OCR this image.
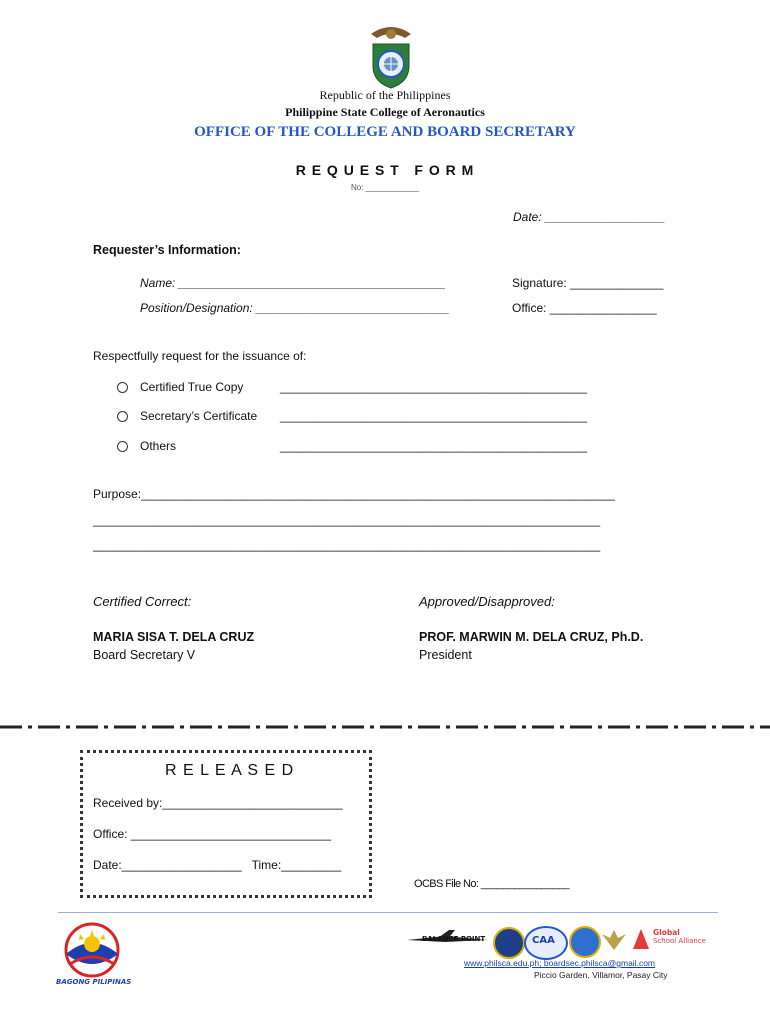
Republic of the Philippines
Philippine State College of Aeronautics
OFFICE OF THE COLLEGE AND BOARD SECRETARY
R E Q U E S T   F O R M
No: ____________
Date: __________________
Requester’s Information:
Name: ________________________________________	Signature: ______________
Position/Designation: _____________________________	Office: ________________
Respectfully request for the issuance of:
Certified True Copy	______________________________________________
Secretary’s Certificate ______________________________________________
Others	______________________________________________
Purpose:_______________________________________________________________________
____________________________________________________________________________
____________________________________________________________________________
Certified Correct:
MARIA SISA T. DELA CRUZ
Board Secretary V
Approved/Disapproved:
PROF. MARWIN M. DELA CRUZ, Ph.D.
President
R E L E A S E D
Received by:___________________________
Office: ______________________________
Date:__________________   Time:_________
OCBS File No: ________________
BAGONG PILIPINAS
BALANCE POINT	CAA
Global
School Alliance
www.philsca.edu.ph; boardsec.philsca@gmail.com
Piccio Garden, Villamor, Pasay City
